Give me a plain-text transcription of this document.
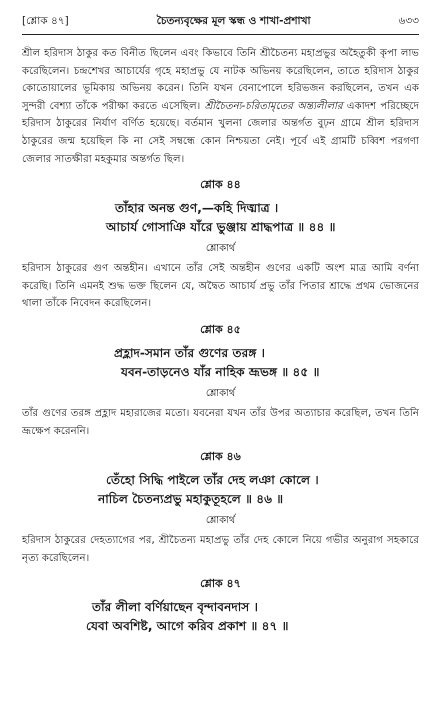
[শ্লোক ৪৭]	চৈতন্যবৃক্ষের মূল স্কন্ধ ও শাখা-প্রশাখা	৬৩৩

শ্রীল হরিদাস ঠাকুর কত বিনীত ছিলেন এবং কিভাবে তিনি শ্রীচৈতন্য মহাপ্রভুর অহৈতুকী কৃপা লাভ করেছিলেন। চন্দ্রশেখর আচার্যের গৃহে মহাপ্রভু যে নাটক অভিনয় করেছিলেন, তাতে হরিদাস ঠাকুর কোতোয়ালের ভূমিকায় অভিনয় করেন। তিনি যখন বেনাপোলে হরিভজন করছিলেন, তখন এক সুন্দরী বেশ্যা তাঁকে পরীক্ষা করতে এসেছিল। শ্রীচৈতন্য-চরিতামৃতের অন্ত্যলীলার একাদশ পরিচ্ছেদে হরিদাস ঠাকুরের নির্যাণ বর্ণিত হয়েছে। বর্তমান খুলনা জেলার অন্তর্গত বুঢ়ন গ্রামে শ্রীল হরিদাস ঠাকুরের জন্ম হয়েছিল কি না সেই সম্বন্ধে কোন নিশ্চয়তা নেই। পূর্বে এই গ্রামটি চব্বিশ পরগণা জেলার সাতক্ষীরা মহকুমার অন্তর্গত ছিল।

শ্লোক ৪৪
তাঁহার অনন্ত গুণ,—কহি দিঙ্মাত্র ।
আচার্য গোসাঞি যাঁরে ভুঞ্জায় শ্রাদ্ধপাত্র ॥ ৪৪ ॥
শ্লোকার্থ

হরিদাস ঠাকুরের গুণ অন্তহীন। এখানে তাঁর সেই অন্তহীন গুণের একটি অংশ মাত্র আমি বর্ণনা করেছি। তিনি এমনই শুদ্ধ ভক্ত ছিলেন যে, অদ্বৈত আচার্য প্রভু তাঁর পিতার শ্রাদ্ধে প্রথম ভোজনের থালা তাঁকে নিবেদন করেছিলেন।

শ্লোক ৪৫
প্রহ্লাদ-সমান তাঁর গুণের তরঙ্গ ।
যবন-তাড়নেও যাঁর নাহিক ভ্রূভঙ্গ ॥ ৪৫ ॥
শ্লোকার্থ

তাঁর গুণের তরঙ্গ প্রহ্লাদ মহারাজের মতো। যবনেরা যখন তাঁর উপর অত্যাচার করেছিল, তখন তিনি ভ্রূক্ষেপ করেননি।

শ্লোক ৪৬
তেঁহো সিদ্ধি পাইলে তাঁর দেহ লঞা কোলে ।
নাচিল চৈতন্যপ্রভু মহাকুতূহলে ॥ ৪৬ ॥
শ্লোকার্থ

হরিদাস ঠাকুরের দেহত্যাগের পর, শ্রীচৈতন্য মহাপ্রভু তাঁর দেহ কোলে নিয়ে গভীর অনুরাগ সহকারে নৃত্য করেছিলেন।

শ্লোক ৪৭
তাঁর লীলা বর্ণিয়াছেন বৃন্দাবনদাস ।
যেবা অবশিষ্ট, আগে করিব প্রকাশ ॥ ৪৭ ॥
